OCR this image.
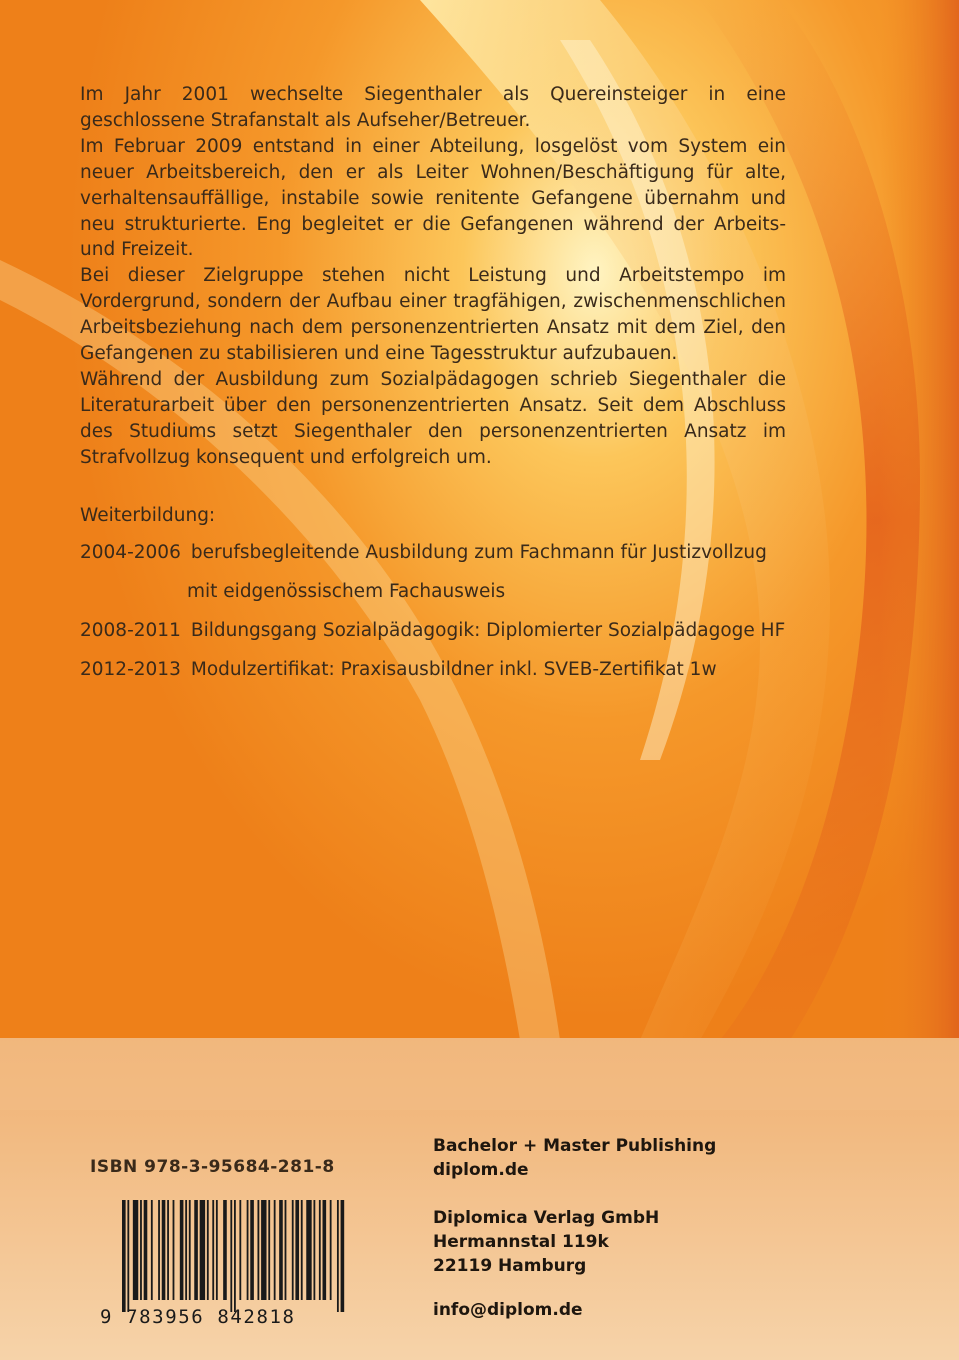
Im Jahr 2001 wechselte Siegenthaler als Quereinsteiger in eine geschlossene Strafanstalt als Aufseher/Betreuer.

Im Februar 2009 entstand in einer Abteilung, losgelöst vom System ein neuer Arbeitsbereich, den er als Leiter Wohnen/Beschäftigung für alte, verhaltensauffällige, instabile sowie renitente Gefangene übernahm und neu strukturierte. Eng begleitet er die Gefangenen während der Arbeits- und Freizeit.

Bei dieser Zielgruppe stehen nicht Leistung und Arbeitstempo im Vordergrund, sondern der Aufbau einer tragfähigen, zwischenmenschlichen Arbeitsbeziehung nach dem personenzentrierten Ansatz mit dem Ziel, den Gefangenen zu stabilisieren und eine Tagesstruktur aufzubauen.

Während der Ausbildung zum Sozialpädagogen schrieb Siegenthaler die Literaturarbeit über den personenzentrierten Ansatz. Seit dem Abschluss des Studiums setzt Siegenthaler den personenzentrierten Ansatz im Strafvollzug konsequent und erfolgreich um.

Weiterbildung:
2004-2006 berufsbegleitende Ausbildung zum Fachmann für Justizvollzug
mit eidgenössischem Fachausweis
2008-2011 Bildungsgang Sozialpädagogik: Diplomierter Sozialpädagoge HF
2012-2013 Modulzertifikat: Praxisausbildner inkl. SVEB-Zertifikat 1w
ISBN 978-3-95684-281-8
9 783956 842818
Bachelor + Master Publishing
diplom.de
Diplomica Verlag GmbH
Hermannstal 119k
22119 Hamburg
info@diplom.de
